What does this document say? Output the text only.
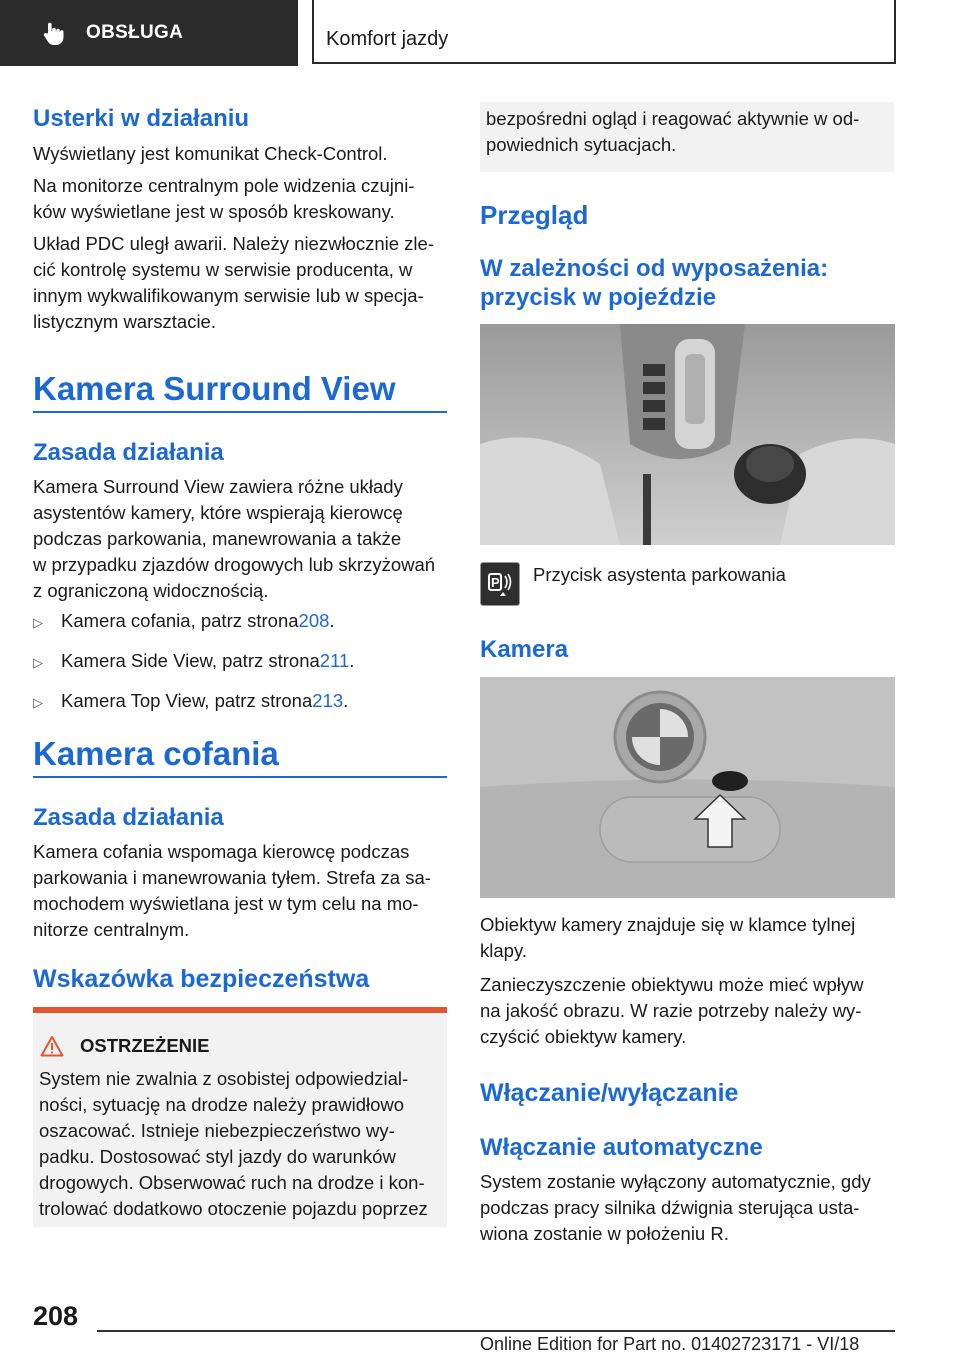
OBSŁUGA	Komfort jazdy
Usterki w działaniu

Wyświetlany jest komunikat Check-Control.

Na monitorze centralnym pole widzenia czujni-

ków wyświetlane jest w sposób kreskowany.

Układ PDC uległ awarii. Należy niezwłocznie zle-

cić kontrolę systemu w serwisie producenta, w

innym wykwalifikowanym serwisie lub w specja-

listycznym warsztacie.

Kamera Surround View
Zasada działania

Kamera Surround View zawiera różne układy

asystentów kamery, które wspierają kierowcę

podczas parkowania, manewrowania a także

w przypadku zjazdów drogowych lub skrzyżowań

z ograniczoną widocznością.

▷ Kamera cofania, patrz strona 208 .
▷ Kamera Side View, patrz strona 211 .
▷ Kamera Top View, patrz strona 213 .
Kamera cofania
Zasada działania

Kamera cofania wspomaga kierowcę podczas

parkowania i manewrowania tyłem. Strefa za sa-

mochodem wyświetlana jest w tym celu na mo-

nitorze centralnym.

Wskazówka bezpieczeństwa
OSTRZEŻENIE

System nie zwalnia z osobistej odpowiedzial-

ności, sytuację na drodze należy prawidłowo

oszacować. Istnieje niebezpieczeństwo wy-

padku. Dostosować styl jazdy do warunków

drogowych. Obserwować ruch na drodze i kon-

trolować dodatkowo otoczenie pojazdu poprzez

bezpośredni ogląd i reagować aktywnie w od-

powiednich sytuacjach.

Przegląd
W zależności od wyposażenia:
przycisk w pojeździe
P Przycisk asystenta parkowania
Kamera

Obiektyw kamery znajduje się w klamce tylnej

klapy.

Zanieczyszczenie obiektywu może mieć wpływ

na jakość obrazu. W razie potrzeby należy wy-

czyścić obiektyw kamery.

Włączanie/wyłączanie
Włączanie automatyczne

System zostanie wyłączony automatycznie, gdy

podczas pracy silnika dźwignia sterująca usta-

wiona zostanie w położeniu R.

208
Online Edition for Part no. 01402723171 - VI/18
